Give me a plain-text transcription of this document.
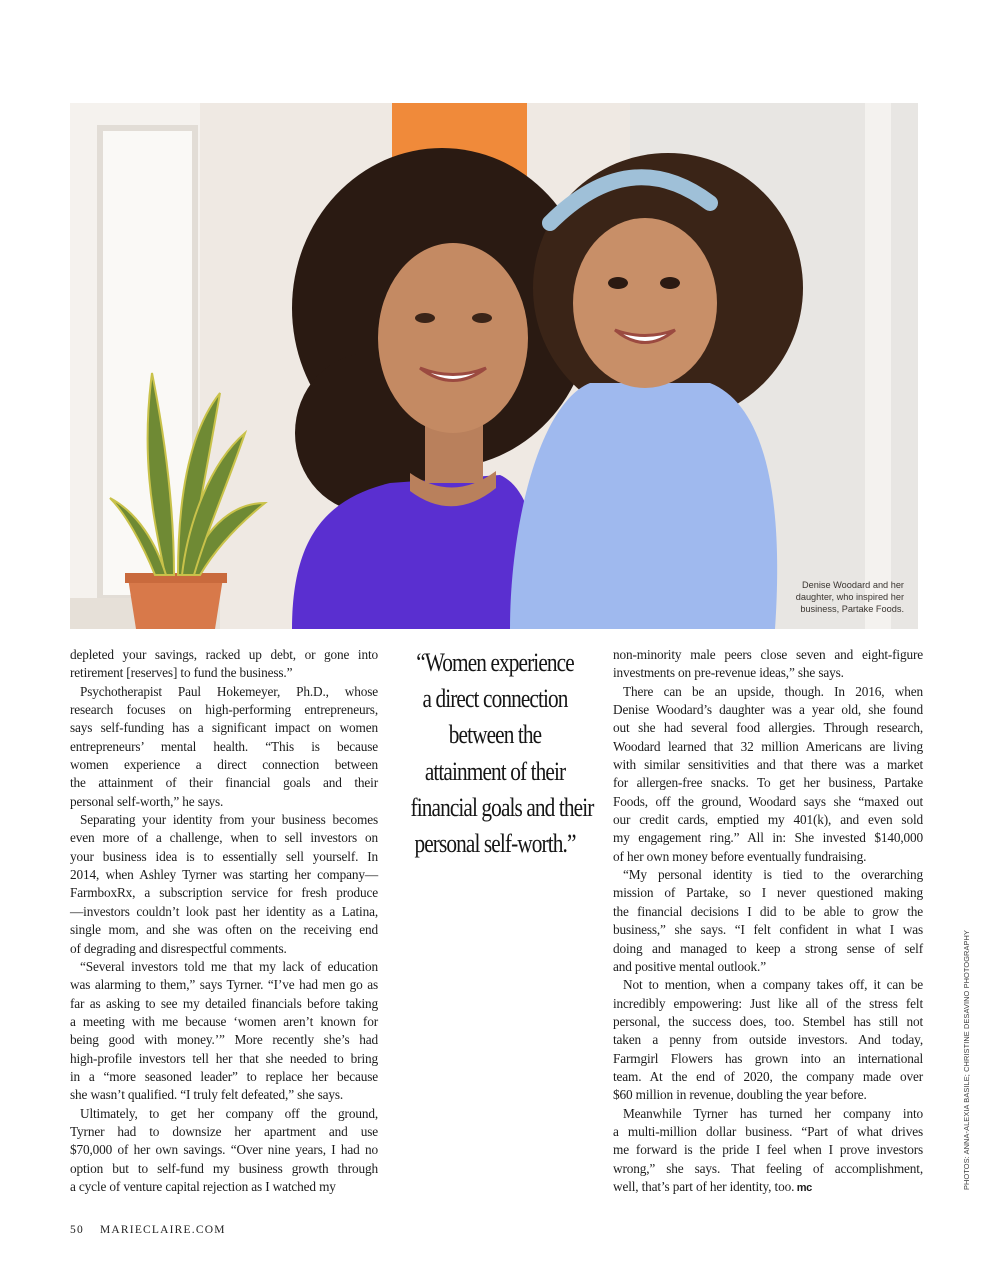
Denise Woodard and her
daughter, who inspired her
business, Partake Foods.

depleted your savings, racked up debt, or gone into
retirement [reserves] to fund the business.”

Psychotherapist Paul Hokemeyer, Ph.D., whose
research focuses on high-performing entrepreneurs,
says self-funding has a significant impact on women
entrepreneurs’ mental health. “This is because
women experience a direct connection between
the attainment of their financial goals and their
personal self-worth,” he says.

Separating your identity from your business becomes
even more of a challenge, when to sell investors on
your business idea is to essentially sell yourself. In
2014, when Ashley Tyrner was starting her company—
FarmboxRx, a subscription service for fresh produce
—investors couldn’t look past her identity as a Latina,
single mom, and she was often on the receiving end
of degrading and disrespectful comments.

“Several investors told me that my lack of education
was alarming to them,” says Tyrner. “I’ve had men go as
far as asking to see my detailed financials before taking
a meeting with me because ‘women aren’t known for
being good with money.’” More recently she’s had
high-profile investors tell her that she needed to bring
in a “more seasoned leader” to replace her because
she wasn’t qualified. “I truly felt defeated,” she says.

Ultimately, to get her company off the ground,
Tyrner had to downsize her apartment and use
$70,000 of her own savings. “Over nine years, I had no
option but to self-fund my business growth through
a cycle of venture capital rejection as I watched my

“Women experience
a direct connection
between the
attainment of their
financial goals and their
personal self-worth.”

non-minority male peers close seven and eight-figure
investments on pre-revenue ideas,” she says.

There can be an upside, though. In 2016, when
Denise Woodard’s daughter was a year old, she found
out she had several food allergies. Through research,
Woodard learned that 32 million Americans are living
with similar sensitivities and that there was a market
for allergen-free snacks. To get her business, Partake
Foods, off the ground, Woodard says she “maxed out
our credit cards, emptied my 401(k), and even sold
my engagement ring.” All in: She invested $140,000
of her own money before eventually fundraising.

“My personal identity is tied to the overarching
mission of Partake, so I never questioned making
the financial decisions I did to be able to grow the
business,” she says. “I felt confident in what I was
doing and managed to keep a strong sense of self
and positive mental outlook.”

Not to mention, when a company takes off, it can be
incredibly empowering: Just like all of the stress felt
personal, the success does, too. Stembel has still not
taken a penny from outside investors. And today,
Farmgirl Flowers has grown into an international
team. At the end of 2020, the company made over
$60 million in revenue, doubling the year before.

Meanwhile Tyrner has turned her company into
a multi-million dollar business. “Part of what drives
me forward is the pride I feel when I prove investors
wrong,” she says. That feeling of accomplishment,
well, that’s part of her identity, too. mc	PHOTOS: ANNA-ALEXIA BASILE; CHRISTINE DESAVINO PHOTOGRAPHY
50 MARIECLAIRE.COM
